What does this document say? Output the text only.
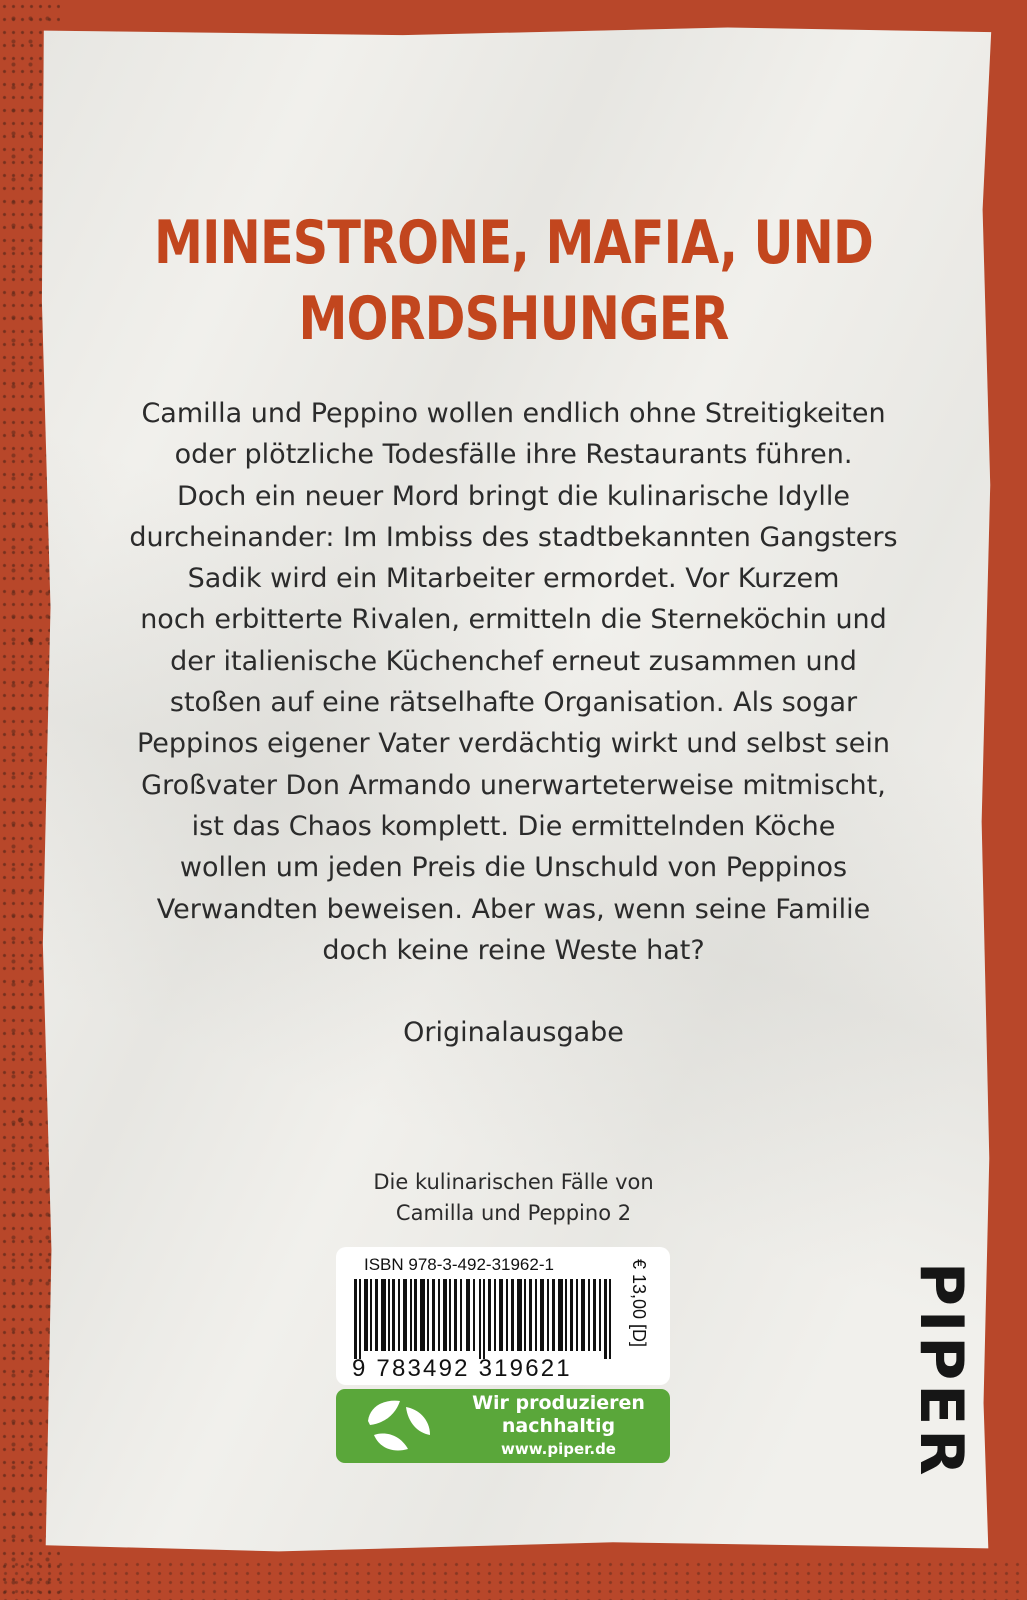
MINESTRONE, MAFIA, UND
MORDSHUNGER
Camilla und Peppino wollen endlich ohne Streitigkeiten
oder plötzliche Todesfälle ihre Restaurants führen.
Doch ein neuer Mord bringt die kulinarische Idylle
durcheinander: Im Imbiss des stadtbekannten Gangsters
Sadik wird ein Mitarbeiter ermordet. Vor Kurzem
noch erbitterte Rivalen, ermitteln die Sterneköchin und
der italienische Küchenchef erneut zusammen und
stoßen auf eine rätselhafte Organisation. Als sogar
Peppinos eigener Vater verdächtig wirkt und selbst sein
Großvater Don Armando unerwarteterweise mitmischt,
ist das Chaos komplett. Die ermittelnden Köche
wollen um jeden Preis die Unschuld von Peppinos
Verwandten beweisen. Aber was, wenn seine Familie
doch keine reine Weste hat?
Originalausgabe
Die kulinarischen Fälle von
Camilla und Peppino 2
ISBN 978-3-492-31962-1
9 783492 319621
€ 13,00 [D]
Wir produzieren
nachhaltig
www.piper.de	PIPER
